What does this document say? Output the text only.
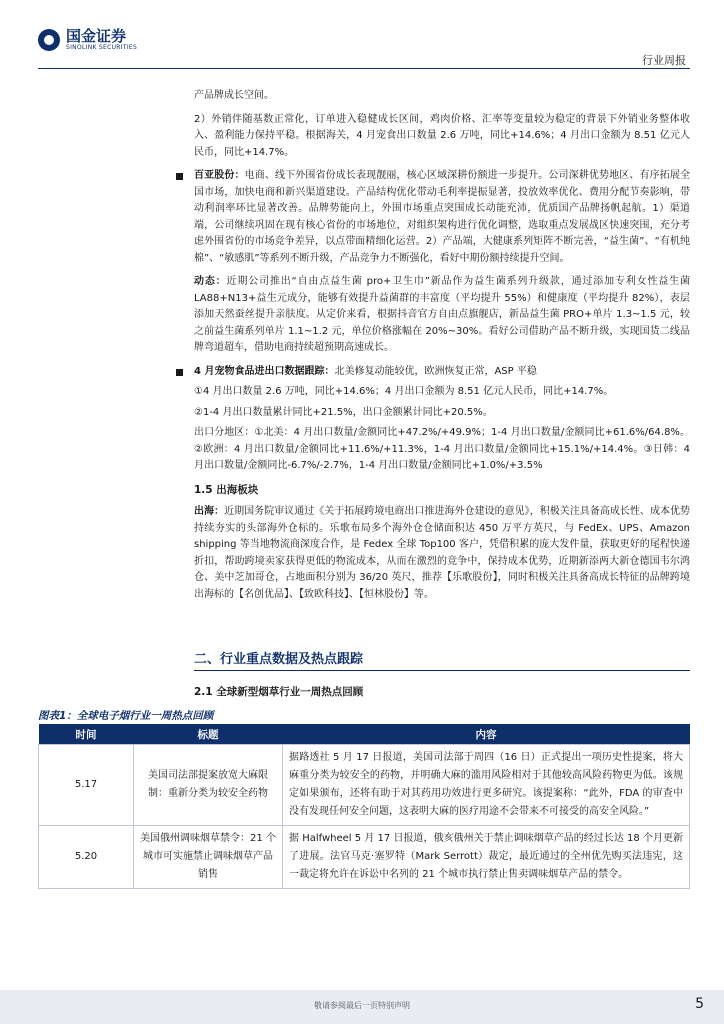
国金证券
SINOLINK SECURITIES
行业周报

产品牌成长空间。

2）外销伴随基数正常化，订单进入稳健成长区间，鸡肉价格、汇率等变量较为稳定的背景下外销业务整体收入、盈利能力保持平稳。根据海关，4 月宠食出口数量 2.6 万吨，同比+14.6%；4 月出口金额为 8.51 亿元人民币，同比+14.7%。

百亚股份：电商、线下外围省份成长表现靓丽，核心区域深耕份额进一步提升。公司深耕优势地区、有序拓展全国市场，加快电商和新兴渠道建设。产品结构优化带动毛利率提振显著，投放效率优化、费用分配节奏影响，带动利润率环比显著改善。品牌势能向上，外围市场重点突围成长动能充沛，优质国产品牌扬帆起航。1）渠道端，公司继续巩固在现有核心省份的市场地位，对组织架构进行优化调整，选取重点发展战区快速突围，充分考虑外围省份的市场竞争差异，以点带面精细化运营。2）产品端，大健康系列矩阵不断完善，“益生菌”、“有机纯棉”、“敏感肌”等系列不断升级，产品竞争力不断强化，看好中期份额持续提升空间。

动态：近期公司推出“自由点益生菌 pro+卫生巾”新品作为益生菌系列升级款，通过添加专利女性益生菌 LA88+N13+益生元成分，能够有效提升益菌群的丰富度（平均提升 55%）和健康度（平均提升 82%），表层添加天然蚕丝提升亲肤度。从定价来看，根据抖音官方自由点旗舰店，新品益生菌 PRO+单片 1.3~1.5 元，较之前益生菌系列单片 1.1~1.2 元，单位价格涨幅在 20%~30%。看好公司借助产品不断升级，实现国货二线品牌弯道超车，借助电商持续超预期高速成长。

4 月宠物食品进出口数据跟踪：北美修复动能较优，欧洲恢复正常，ASP 平稳

①4 月出口数量 2.6 万吨，同比+14.6%；4 月出口金额为 8.51 亿元人民币，同比+14.7%。

②1-4 月出口数量累计同比+21.5%，出口金额累计同比+20.5%。

出口分地区：①北美：4 月出口数量/金额同比+47.2%/+49.9%；1-4 月出口数量/金额同比+61.6%/64.8%。②欧洲：4 月出口数量/金额同比+11.6%/+11.3%，1-4 月出口数量/金额同比+15.1%/+14.4%。③日韩：4 月出口数量/金额同比-6.7%/-2.7%，1-4 月出口数量/金额同比+1.0%/+3.5%

1.5 出海板块

出海：近期国务院审议通过《关于拓展跨境电商出口推进海外仓建设的意见》，积极关注具备高成长性、成本优势持续夯实的头部海外仓标的。乐歌布局多个海外仓仓储面积达 450 万平方英尺，与 FedEx、UPS、Amazon shipping 等当地物流商深度合作，是 Fedex 全球 Top100 客户，凭借积累的庞大发件量，获取更好的尾程快递折扣，帮助跨境卖家获得更低的物流成本，从而在激烈的竞争中，保持成本优势，近期新添两大新仓德国韦尔鸿仓、美中芝加哥仓，占地面积分别为 36/20 英尺，推荐【乐歌股份】，同时积极关注具备高成长特征的品牌跨境出海标的【名创优品】、【致欧科技】、【恒林股份】等。

二、行业重点数据及热点跟踪
2.1 全球新型烟草行业一周热点回顾
图表1：全球电子烟行业一周热点回顾
时间	标题	内容
5.17	美国司法部提案放宽大麻限制：重新分类为较安全药物	据路透社 5 月 17 日报道，美国司法部于周四（16 日）正式提出一项历史性提案，将大麻重分类为较安全的药物，并明确大麻的滥用风险相对于其他较高风险药物更为低。该规定如果颁布，还将有助于对其药用功效进行更多研究。该提案称：“此外，FDA 的审查中没有发现任何安全问题，这表明大麻的医疗用途不会带来不可接受的高安全风险。”
5.20	美国俄州调味烟草禁令：21 个城市可实施禁止调味烟草产品销售	据 Halfwheel 5 月 17 日报道，俄亥俄州关于禁止调味烟草产品的经过长达 18 个月更新了进展。法官马克·塞罗特（Mark Serrott）裁定，最近通过的全州优先购买法违宪，这一裁定将允许在诉讼中名列的 21 个城市执行禁止售卖调味烟草产品的禁令。
敬请参阅最后一页特别声明	5
